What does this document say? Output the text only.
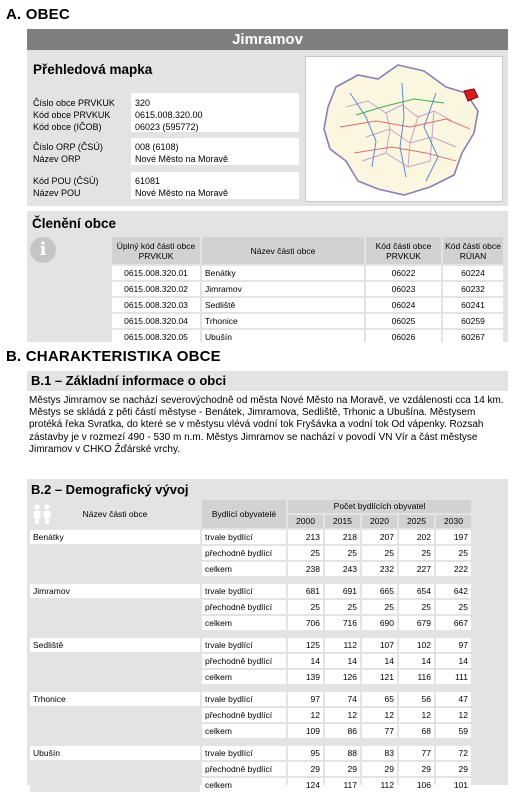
A. OBEC
Jimramov
Přehledová mapka
Číslo obce PRVKUK 320
Kód obce PRVKUK	0615.008.320.00
Kód obce (IČOB)	06023 (595772)
Číslo ORP (ČSÚ)	008 (6108)
Název ORP	Nové Město na Moravě
Kód POU (ČSÚ)	61081
Název POU	Nové Město na Moravě
Členění obce
i	Úplný kód části obce PRVKUK	Název části obce	Kód části obce PRVKUK	Kód části obce RÚIAN
0615.008.320.01	Benátky	06022	60224
0615.008.320.02	Jimramov	06023	60232
0615.008.320.03	Sedliště	06024	60241
0615.008.320.04	Trhonice	06025	60259
0615.008.320.05	Ubušín	06026	60267
B. CHARAKTERISTIKA OBCE
B.1 – Základní informace o obci
Městys Jimramov se nachází severovýchodně od města Nové Město na Moravě, ve vzdálenosti cca 14 km. Městys se skládá z pěti částí městyse - Benátek, Jimramova, Sedliště, Trhonic a Ubušína. Městysem protéká řeka Svratka, do které se v městysu vlévá vodní tok Fryšávka a vodní tok Od vápenky. Rozsah zástavby je v rozmezí 490 - 530 m n.m. Městys Jimramov se nachází v povodí VN Vír a část městyse Jimramov v CHKO Žďárské vrchy.
B.2 – Demografický vývoj
Název části obce	Bydlící obyvatelé	Počet bydlících obyvatel				
		2000	2015	2020	2025	2030
Benátky	trvale bydlící	213	218	207	202	197
	přechodně bydlící	25	25	25	25	25
	celkem	238	243	232	227	222

Jimramov	trvale bydlící	681	691	665	654	642
	přechodně bydlící	25	25	25	25	25
	celkem	706	716	690	679	667

Sedliště	trvale bydlící	125	112	107	102	97
	přechodně bydlící	14	14	14	14	14
	celkem	139	126	121	116	111

Trhonice	trvale bydlící	97	74	65	56	47
	přechodně bydlící	12	12	12	12	12
	celkem	109	86	77	68	59

Ubušín	trvale bydlící	95	88	83	77	72
	přechodně bydlící	29	29	29	29	29
	celkem	124	117	112	106	101
